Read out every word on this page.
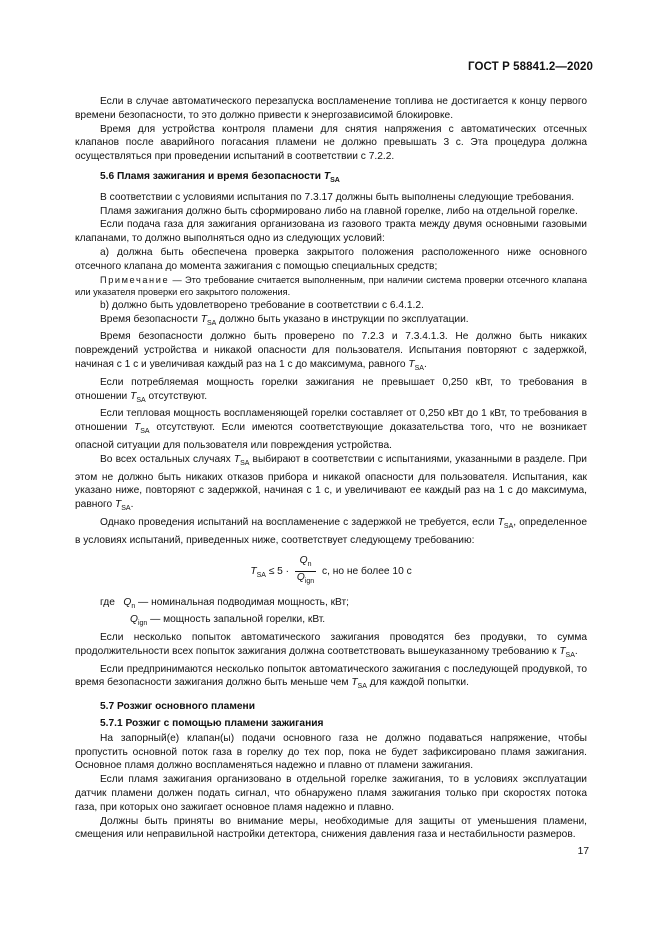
ГОСТ Р 58841.2—2020

Если в случае автоматического перезапуска воспламенение топлива не достигается к концу первого времени безопасности, то это должно привести к энергозависимой блокировке.

Время для устройства контроля пламени для снятия напряжения с автоматических отсечных клапанов после аварийного погасания пламени не должно превышать 3 с. Эта процедура должна осуществляться при проведении испытаний в соответствии с 7.2.2.

5.6 Пламя зажигания и время безопасности $T_{SA}$

В соответствии с условиями испытания по 7.3.17 должны быть выполнены следующие требования.

Пламя зажигания должно быть сформировано либо на главной горелке, либо на отдельной горелке.

Если подача газа для зажигания организована из газового тракта между двумя основными газовыми клапанами, то должно выполняться одно из следующих условий:

а) должна быть обеспечена проверка закрытого положения расположенного ниже основного отсечного клапана до момента зажигания с помощью специальных средств;

Примечание — Это требование считается выполненным, при наличии система проверки отсечного клапана или указателя проверки его закрытого положения.

b) должно быть удовлетворено требование в соответствии с 6.4.1.2.

Время безопасности $T_{SA}$ должно быть указано в инструкции по эксплуатации.

Время безопасности должно быть проверено по 7.2.3 и 7.3.4.1.3. Не должно быть никаких повреждений устройства и никакой опасности для пользователя. Испытания повторяют с задержкой, начиная с 1 с и увеличивая каждый раз на 1 с до максимума, равного $T_{SA}$.

Если потребляемая мощность горелки зажигания не превышает 0,250 кВт, то требования в отношении $T_{SA}$ отсутствуют.

Если тепловая мощность воспламеняющей горелки составляет от 0,250 кВт до 1 кВт, то требования в отношении $T_{SA}$ отсутствуют. Если имеются соответствующие доказательства того, что не возникает опасной ситуации для пользователя или повреждения устройства.

Во всех остальных случаях $T_{SA}$ выбирают в соответствии с испытаниями, указанными в разделе. При этом не должно быть никаких отказов прибора и никакой опасности для пользователя. Испытания, как указано ниже, повторяют с задержкой, начиная с 1 с, и увеличивают ее каждый раз на 1 с до максимума, равного $T_{SA}$.

Однако проведения испытаний на воспламенение с задержкой не требуется, если $T_{SA}$, определенное в условиях испытаний, приведенных ниже, соответствует следующему требованию:

$T_{SA} \le 5 \cdot \frac{Q_n}{Q_{ign}} с$, но не более 10 с

где $Q_n$ — номинальная подводимая мощность, кВт;

$Q_{ign}$ — мощность запальной горелки, кВт.

Если несколько попыток автоматического зажигания проводятся без продувки, то сумма продолжительности всех попыток зажигания должна соответствовать вышеуказанному требованию к $T_{SA}$.

Если предпринимаются несколько попыток автоматического зажигания с последующей продувкой, то время безопасности зажигания должно быть меньше чем $T_{SA}$ для каждой попытки.

5.7 Розжиг основного пламени
5.7.1 Розжиг с помощью пламени зажигания

На запорный(е) клапан(ы) подачи основного газа не должно подаваться напряжение, чтобы пропустить основной поток газа в горелку до тех пор, пока не будет зафиксировано пламя зажигания. Основное пламя должно воспламеняться надежно и плавно от пламени зажигания.

Если пламя зажигания организовано в отдельной горелке зажигания, то в условиях эксплуатации датчик пламени должен подать сигнал, что обнаружено пламя зажигания только при скоростях потока газа, при которых оно зажигает основное пламя надежно и плавно.

Должны быть приняты во внимание меры, необходимые для защиты от уменьшения пламени, смещения или неправильной настройки детектора, снижения давления газа и нестабильности размеров.

17
